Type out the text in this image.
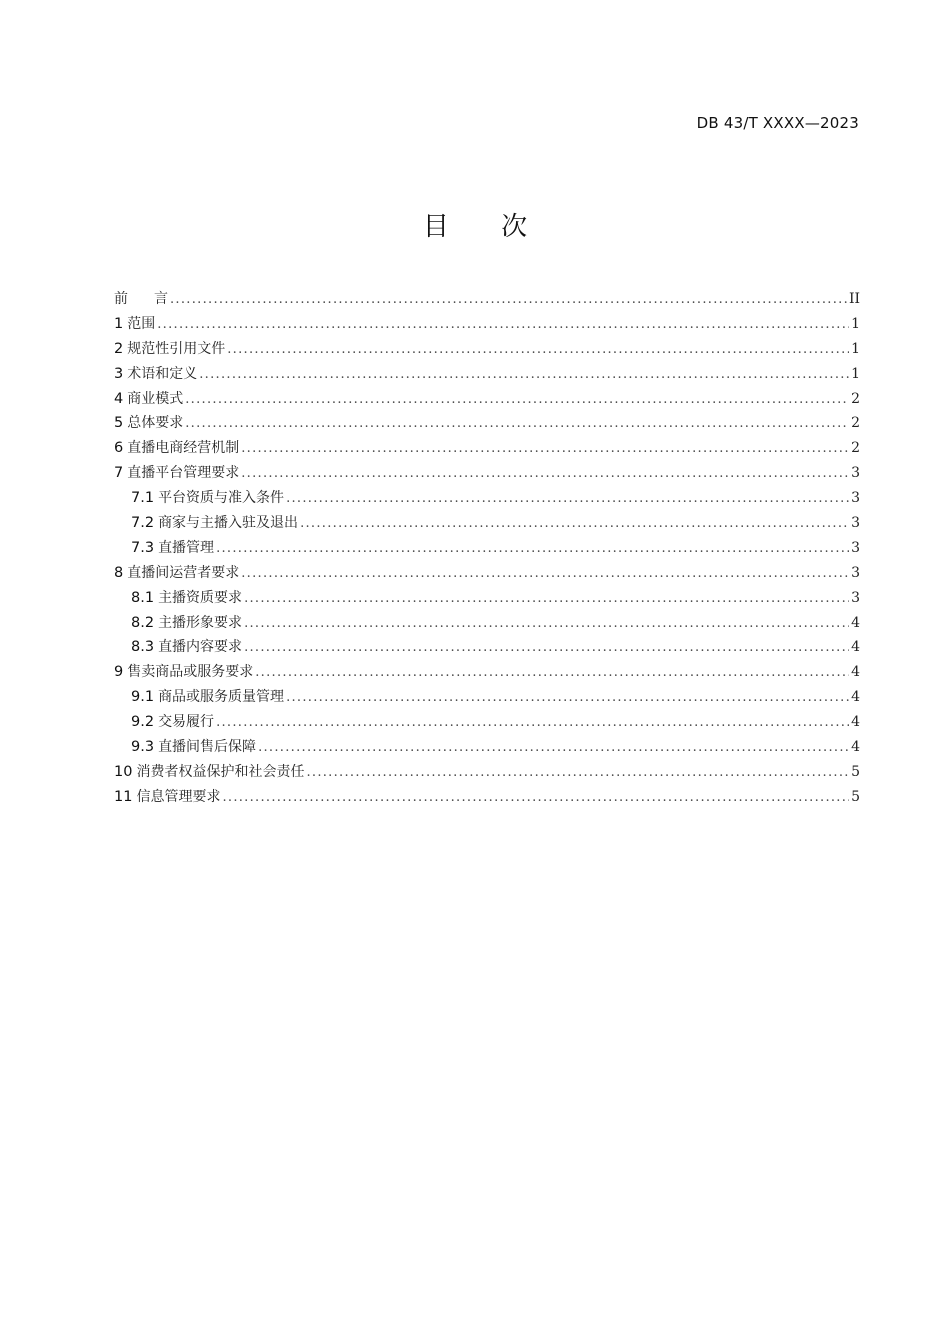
DB 43/T XXXX—2023
目 次
前言 .....	II
1 范围 .....	1
2 规范性引用文件 .....	1
3 术语和定义 .....	1
4 商业模式 .....	2
5 总体要求 .....	2
6 直播电商经营机制 .....	2
7 直播平台管理要求 .....	3
7.1 平台资质与准入条件 .....	3
7.2 商家与主播入驻及退出 .....	3
7.3 直播管理 .....	3
8 直播间运营者要求 .....	3
8.1 主播资质要求 .....	3
8.2 主播形象要求 .....	4
8.3 直播内容要求 .....	4
9 售卖商品或服务要求 .....	4
9.1 商品或服务质量管理 .....	4
9.2 交易履行 .....	4
9.3 直播间售后保障 .....	4
10 消费者权益保护和社会责任 .....	5
11 信息管理要求 .....	5
